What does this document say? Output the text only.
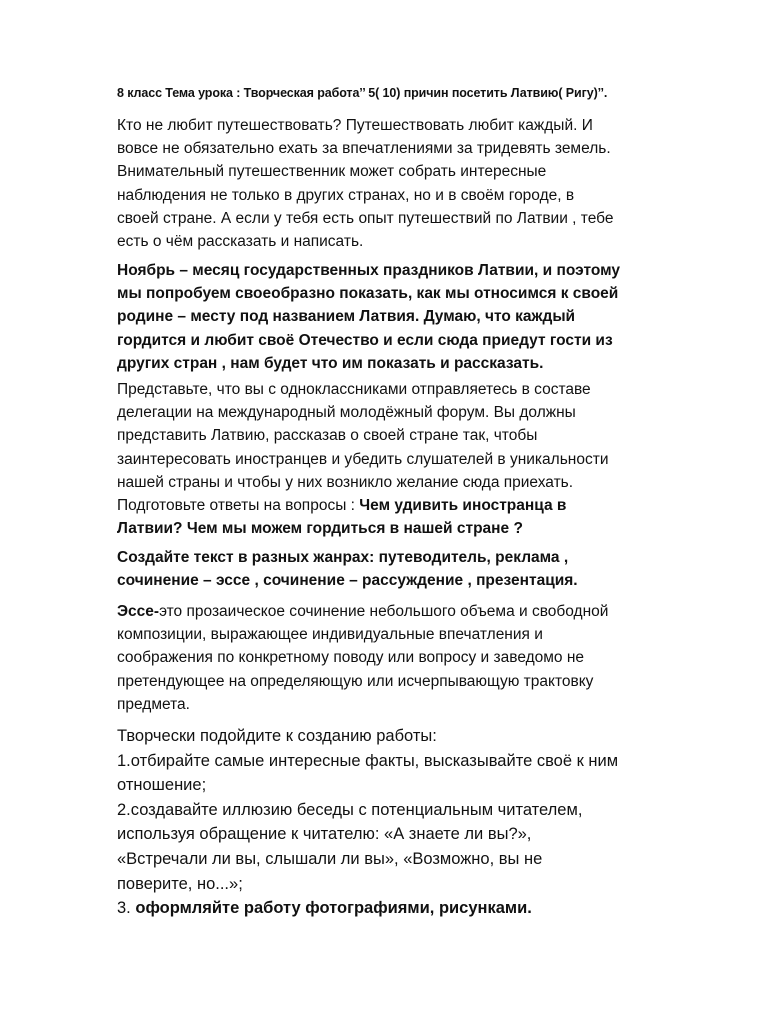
8 класс Тема урока : Творческая работа’’ 5( 10) причин посетить Латвию( Ригу)’’.
Кто не любит путешествовать? Путешествовать любит каждый. И
вовсе не обязательно ехать за впечатлениями за тридевять земель.
Внимательный путешественник может собрать интересные
наблюдения не только в других странах, но и в своём городе, в
своей стране. А если у тебя есть опыт путешествий по Латвии , тебе
есть о чём рассказать и написать.
Ноябрь – месяц государственных праздников Латвии, и поэтому
мы попробуем своеобразно показать, как мы относимся к своей
родине – месту под названием Латвия. Думаю, что каждый
гордится и любит своё Отечество и если сюда приедут гости из
других стран , нам будет что им показать и рассказать.
Представьте, что вы с одноклассниками отправляетесь в составе
делегации на международный молодёжный форум. Вы должны
представить Латвию, рассказав о своей стране так, чтобы
заинтересовать иностранцев и убедить слушателей в уникальности
нашей страны и чтобы у них возникло желание сюда приехать.
Подготовьте ответы на вопросы : Чем удивить иностранца в
Латвии? Чем мы можем гордиться в нашей стране ?
Создайте текст в разных жанрах: путеводитель, реклама ,
сочинение – эссе , сочинение – рассуждение , презентация.
Эссе-это прозаическое сочинение небольшого объема и свободной
композиции, выражающее индивидуальные впечатления и
соображения по конкретному поводу или вопросу и заведомо не
претендующее на определяющую или исчерпывающую трактовку
предмета.
Творчески подойдите к созданию работы:
1.отбирайте самые интересные факты, высказывайте своё к ним
отношение;
2.создавайте иллюзию беседы с потенциальным читателем,
используя обращение к читателю: «А знаете ли вы?»,
«Встречали ли вы, слышали ли вы», «Возможно, вы не
поверите, но...»;
3. оформляйте работу фотографиями, рисунками.
